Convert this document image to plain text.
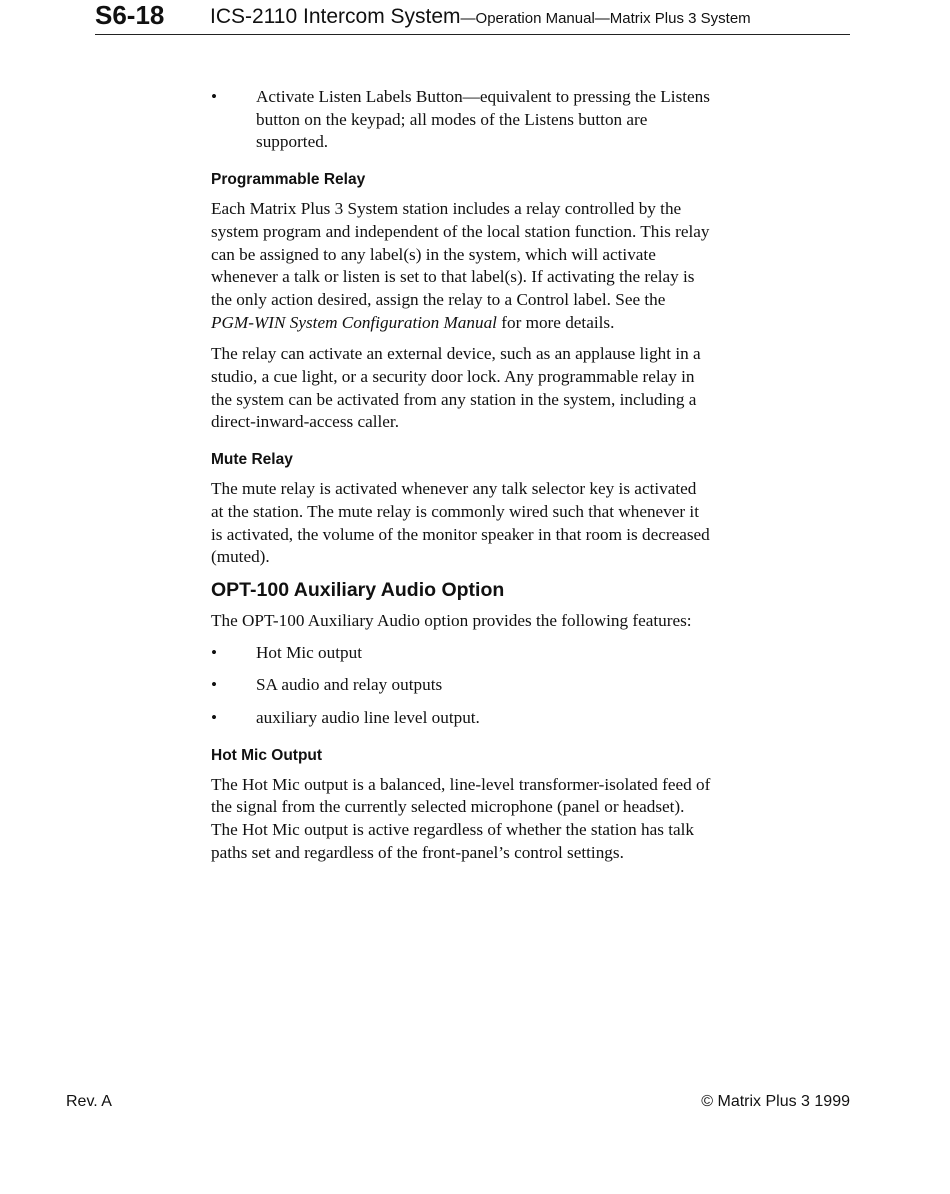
S6-18 ICS-2110 Intercom System—Operation Manual—Matrix Plus 3 System
• Activate Listen Labels Button—equivalent to pressing the Listens button on the keypad; all modes of the Listens button are supported.
Programmable Relay

Each Matrix Plus 3 System station includes a relay controlled by the system program and independent of the local station function. This relay can be assigned to any label(s) in the system, which will activate whenever a talk or listen is set to that label(s). If activating the relay is the only action desired, assign the relay to a Control label. See the PGM-WIN System Configuration Manual for more details.

The relay can activate an external device, such as an applause light in a studio, a cue light, or a security door lock. Any programmable relay in the system can be activated from any station in the system, including a direct-inward-access caller.

Mute Relay

The mute relay is activated whenever any talk selector key is activated at the station. The mute relay is commonly wired such that whenever it is activated, the volume of the monitor speaker in that room is decreased (muted).

OPT-100 Auxiliary Audio Option

The OPT-100 Auxiliary Audio option provides the following features:

• Hot Mic output
• SA audio and relay outputs
• auxiliary audio line level output.
Hot Mic Output

The Hot Mic output is a balanced, line-level transformer-isolated feed of the signal from the currently selected microphone (panel or headset). The Hot Mic output is active regardless of whether the station has talk paths set and regardless of the front-panel’s control settings.

Rev. A	© Matrix Plus 3 1999
